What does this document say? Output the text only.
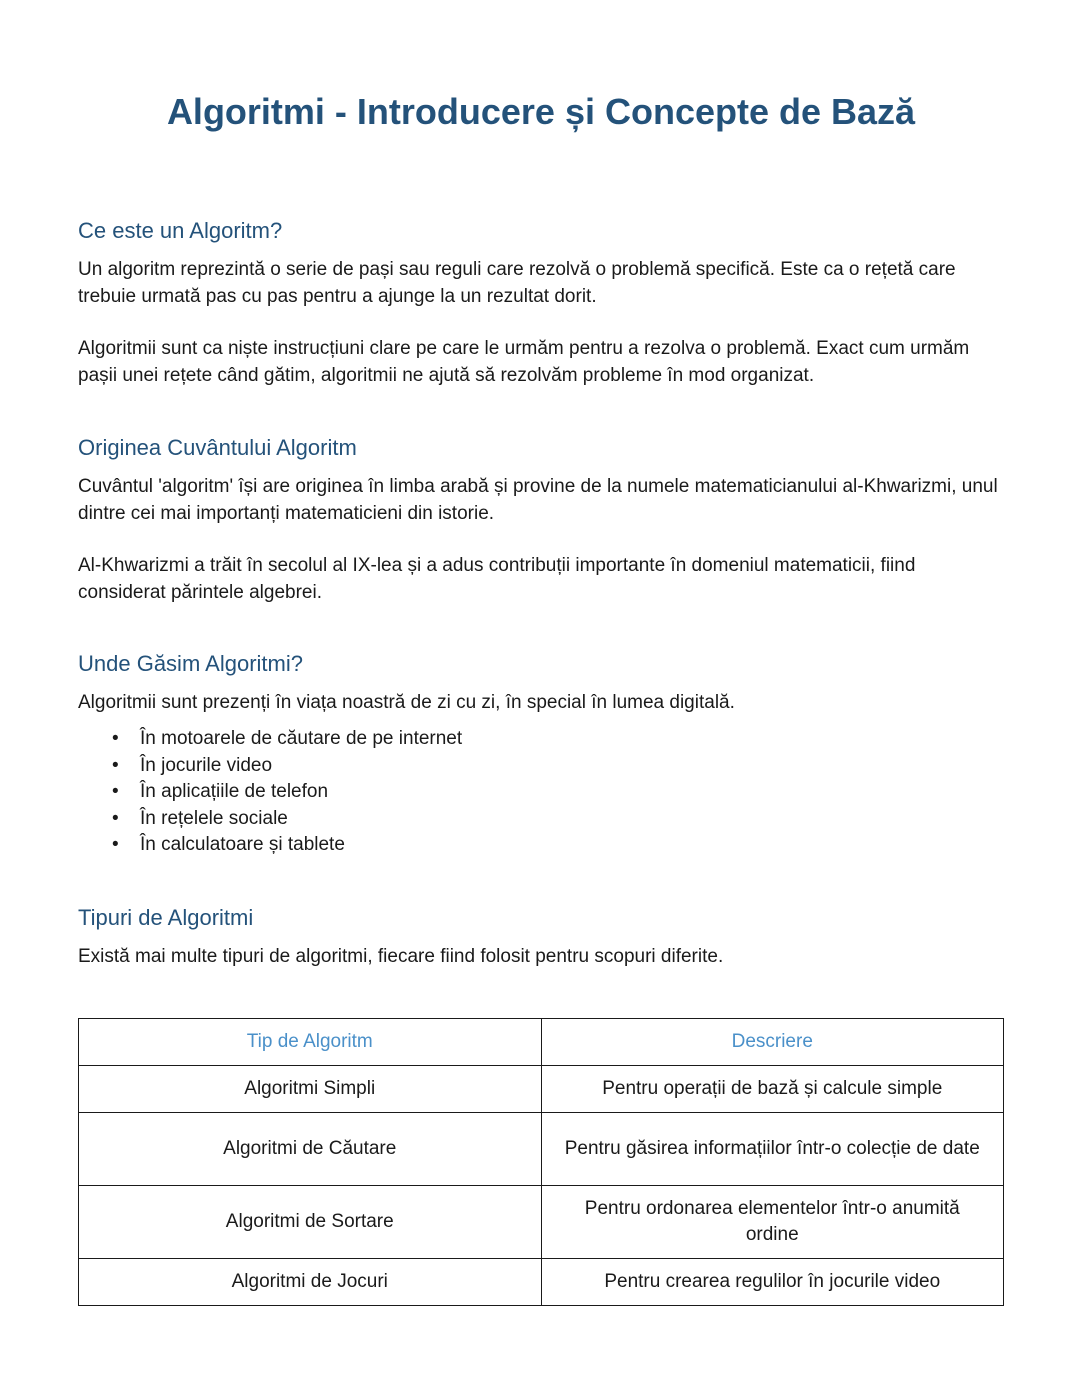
Algoritmi - Introducere și Concepte de Bază
Ce este un Algoritm?

Un algoritm reprezintă o serie de pași sau reguli care rezolvă o problemă specifică. Este ca o rețetă care trebuie urmată pas cu pas pentru a ajunge la un rezultat dorit.

Algoritmii sunt ca niște instrucțiuni clare pe care le urmăm pentru a rezolva o problemă. Exact cum urmăm pașii unei rețete când gătim, algoritmii ne ajută să rezolvăm probleme în mod organizat.

Originea Cuvântului Algoritm

Cuvântul 'algoritm' își are originea în limba arabă și provine de la numele matematicianului al-Khwarizmi, unul dintre cei mai importanți matematicieni din istorie.

Al-Khwarizmi a trăit în secolul al IX-lea și a adus contribuții importante în domeniul matematicii, fiind considerat părintele algebrei.

Unde Găsim Algoritmi?

Algoritmii sunt prezenți în viața noastră de zi cu zi, în special în lumea digitală.

• În motoarele de căutare de pe internet
• În jocurile video
• În aplicațiile de telefon
• În rețelele sociale
• În calculatoare și tablete
Tipuri de Algoritmi

Există mai multe tipuri de algoritmi, fiecare fiind folosit pentru scopuri diferite.

Tip de Algoritm	Descriere
Algoritmi Simpli	Pentru operații de bază și calcule simple
Algoritmi de Căutare	Pentru găsirea informațiilor într-o colecție de date
Algoritmi de Sortare	Pentru ordonarea elementelor într-o anumită ordine
Algoritmi de Jocuri	Pentru crearea regulilor în jocurile video
